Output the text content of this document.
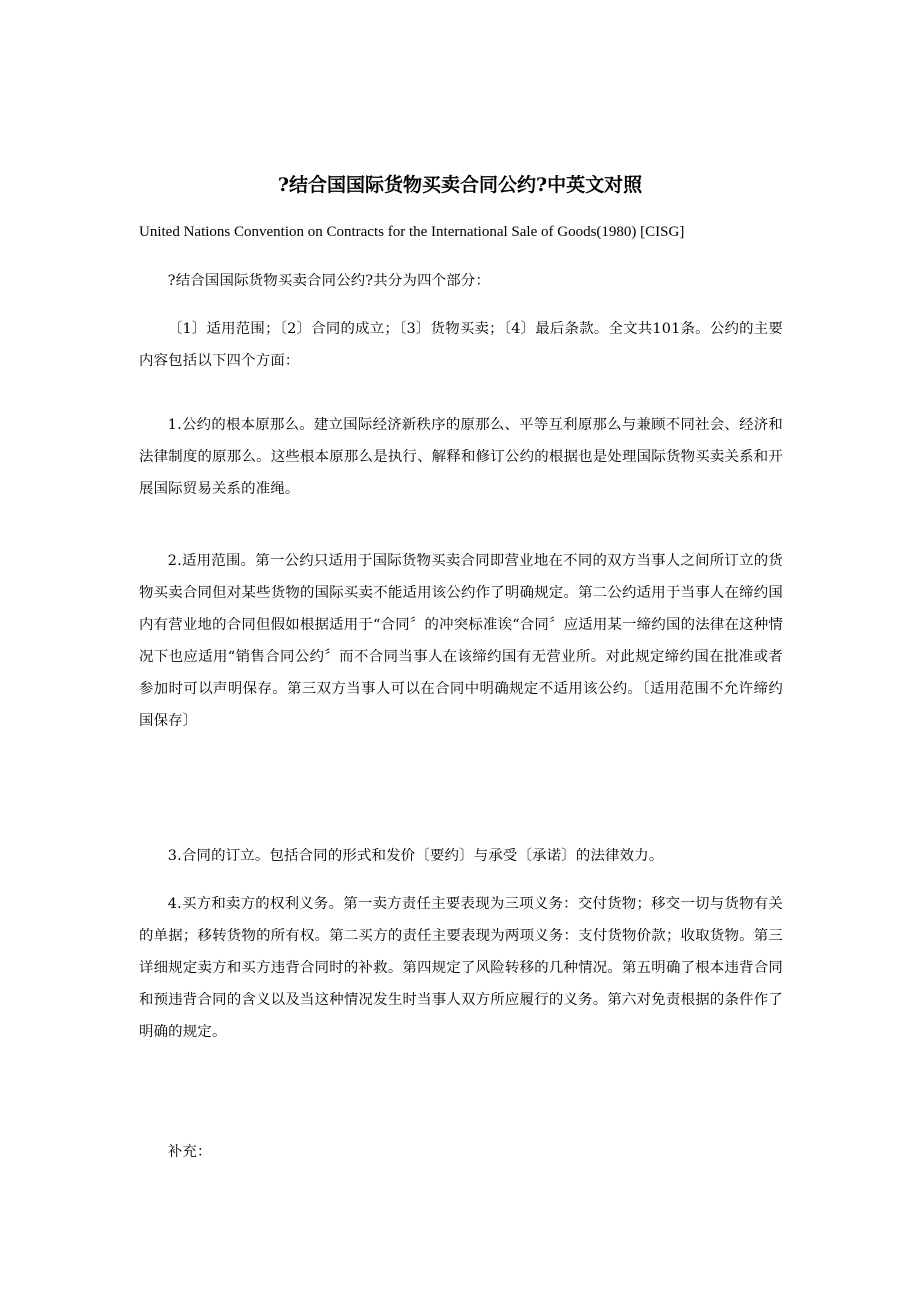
?结合国国际货物买卖合同公约?中英文对照
United Nations Convention on Contracts for the International Sale of Goods(1980) [CISG]

?结合国国际货物买卖合同公约?共分为四个部分：

〔1〕适用范围；〔2〕合同的成立；〔3〕货物买卖；〔4〕最后条款。全文共101条。公约的主要内容包括以下四个方面：

1.公约的根本原那么。建立国际经济新秩序的原那么、平等互利原那么与兼顾不同社会、经济和法律制度的原那么。这些根本原那么是执行、解释和修订公约的根据也是处理国际货物买卖关系和开展国际贸易关系的准绳。

2.适用范围。第一公约只适用于国际货物买卖合同即营业地在不同的双方当事人之间所订立的货物买卖合同但对某些货物的国际买卖不能适用该公约作了明确规定。第二公约适用于当事人在缔约国内有营业地的合同但假如根据适用于“合同〞的冲突标准诶“合同〞应适用某一缔约国的法律在这种情况下也应适用“销售合同公约〞而不合同当事人在该缔约国有无营业所。对此规定缔约国在批准或者参加时可以声明保存。第三双方当事人可以在合同中明确规定不适用该公约。〔适用范围不允许缔约国保存〕

3.合同的订立。包括合同的形式和发价〔要约〕与承受〔承诺〕的法律效力。

4.买方和卖方的权利义务。第一卖方责任主要表现为三项义务：交付货物；移交一切与货物有关的单据；移转货物的所有权。第二买方的责任主要表现为两项义务：支付货物价款；收取货物。第三详细规定卖方和买方违背合同时的补救。第四规定了风险转移的几种情况。第五明确了根本违背合同和预违背合同的含义以及当这种情况发生时当事人双方所应履行的义务。第六对免责根据的条件作了明确的规定。

补充：
